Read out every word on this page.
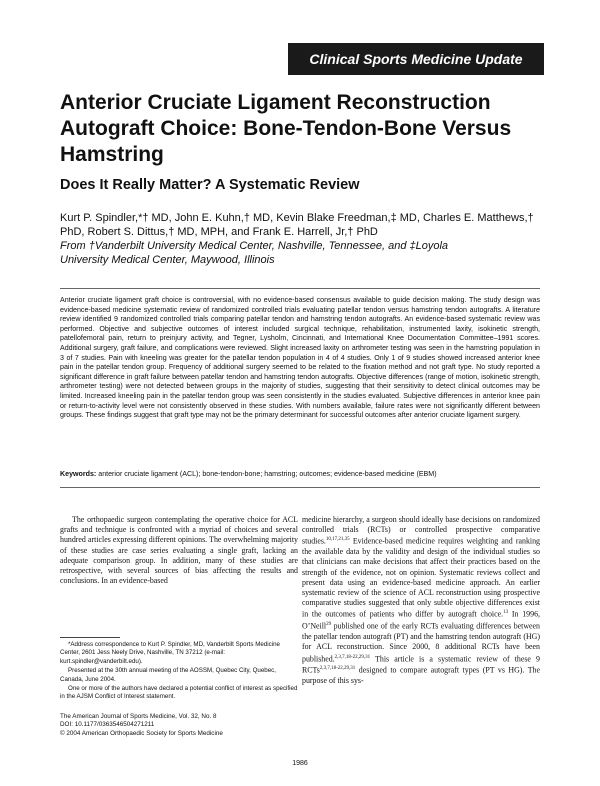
Clinical Sports Medicine Update
Anterior Cruciate Ligament Reconstruction Autograft Choice: Bone-Tendon-Bone Versus Hamstring
Does It Really Matter? A Systematic Review
Kurt P. Spindler,*† MD, John E. Kuhn,† MD, Kevin Blake Freedman,‡ MD, Charles E. Matthews,† PhD, Robert S. Dittus,† MD, MPH, and Frank E. Harrell, Jr,† PhD
From †Vanderbilt University Medical Center, Nashville, Tennessee, and ‡Loyola University Medical Center, Maywood, Illinois
Anterior cruciate ligament graft choice is controversial, with no evidence-based consensus available to guide decision making. The study design was evidence-based medicine systematic review of randomized controlled trials evaluating patellar tendon versus hamstring tendon autografts. A literature review identified 9 randomized controlled trials comparing patellar tendon and hamstring tendon autografts. An evidence-based systematic review was performed. Objective and subjective outcomes of interest included surgical technique, rehabilitation, instrumented laxity, isokinetic strength, patellofemoral pain, return to preinjury activity, and Tegner, Lysholm, Cincinnati, and International Knee Documentation Committee–1991 scores. Additional surgery, graft failure, and complications were reviewed. Slight increased laxity on arthrometer testing was seen in the hamstring population in 3 of 7 studies. Pain with kneeling was greater for the patellar tendon population in 4 of 4 studies. Only 1 of 9 studies showed increased anterior knee pain in the patellar tendon group. Frequency of additional surgery seemed to be related to the fixation method and not graft type. No study reported a significant difference in graft failure between patellar tendon and hamstring tendon autografts. Objective differences (range of motion, isokinetic strength, arthrometer testing) were not detected between groups in the majority of studies, suggesting that their sensitivity to detect clinical outcomes may be limited. Increased kneeling pain in the patellar tendon group was seen consistently in the studies evaluated. Subjective differences in anterior knee pain or return-to-activity level were not consistently observed in these studies. With numbers available, failure rates were not significantly different between groups. These findings suggest that graft type may not be the primary determinant for successful outcomes after anterior cruciate ligament surgery.
Keywords: anterior cruciate ligament (ACL); bone-tendon-bone; hamstring; outcomes; evidence-based medicine (EBM)

The orthopaedic surgeon contemplating the operative choice for ACL grafts and technique is confronted with a myriad of choices and several hundred articles expressing different opinions. The overwhelming majority of these studies are case series evaluating a single graft, lacking an adequate comparison group. In addition, many of these studies are retrospective, with several sources of bias affecting the results and conclusions. In an evidence-based

medicine hierarchy, a surgeon should ideally base decisions on randomized controlled trials (RCTs) or controlled prospective comparative studies.$^{10,17,21,35}$ Evidence-based medicine requires weighting and ranking the available data by the validity and design of the individual studies so that clinicians can make decisions that affect their practices based on the strength of the evidence, not on opinion. Systematic reviews collect and present data using an evidence-based medicine approach. An earlier systematic review of the science of ACL reconstruction using prospective comparative studies suggested that only subtle objective differences exist in the outcomes of patients who differ by autograft choice.$^{13}$ In 1996, O’Neill$^{29}$ published one of the early RCTs evaluating differences between the patellar tendon autograft (PT) and the hamstring tendon autograft (HG) for ACL reconstruction. Since 2000, 8 additional RCTs have been published.$^{2,3,7,18-22,29,31}$ This article is a systematic review of these 9 RCTs$^{2,3,7,18-22,29,31}$ designed to compare autograft types (PT vs HG). The purpose of this sys-

*Address correspondence to Kurt P. Spindler, MD, Vanderbilt Sports Medicine Center, 2601 Jess Neely Drive, Nashville, TN 37212 (e-mail: kurt.spindler@vanderbilt.edu).

Presented at the 30th annual meeting of the AOSSM, Quebec City, Quebec, Canada, June 2004.

One or more of the authors have declared a potential conflict of interest as specified in the AJSM Conflict of Interest statement.

The American Journal of Sports Medicine, Vol. 32, No. 8
DOI: 10.1177/0363546504271211
© 2004 American Orthopaedic Society for Sports Medicine
1986
